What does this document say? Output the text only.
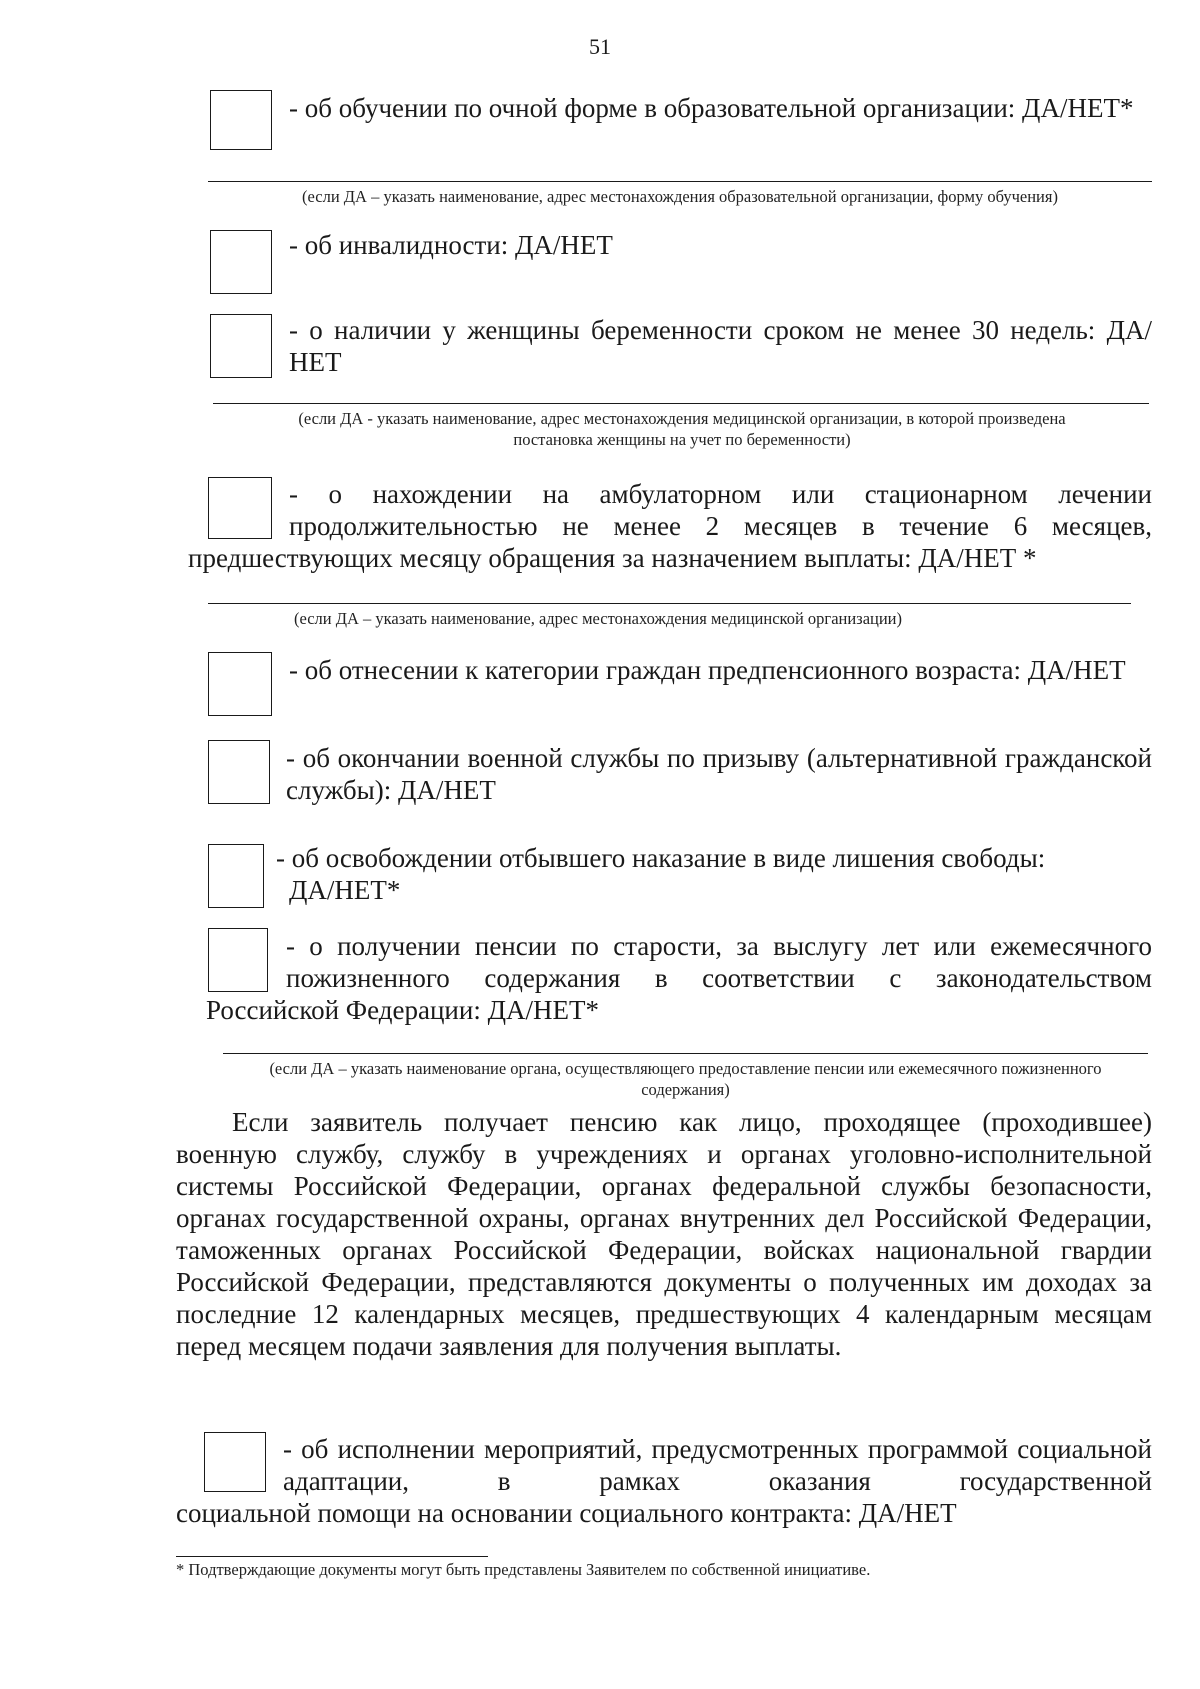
51
- об обучении по очной форме в образовательной организации: ДА/НЕТ*
(если ДА – указать наименование, адрес местонахождения образовательной организации, форму обучения)
- об инвалидности: ДА/НЕТ
- о наличии у женщины беременности сроком не менее 30 недель: ДА/НЕТ
(если ДА - указать наименование, адрес местонахождения медицинской организации, в которой произведена постановка женщины на учет по беременности)
- о нахождении на амбулаторном или стационарном лечении продолжительностью не менее 2 месяцев в течение 6 месяцев,
предшествующих месяцу обращения за назначением выплаты: ДА/НЕТ *
(если ДА – указать наименование, адрес местонахождения медицинской организации)
- об отнесении к категории граждан предпенсионного возраста: ДА/НЕТ
- об окончании военной службы по призыву (альтернативной гражданской службы): ДА/НЕТ
- об освобождении отбывшего наказание в виде лишения свободы:
ДА/НЕТ*
- о получении пенсии по старости, за выслугу лет или ежемесячного пожизненного содержания в соответствии с законодательством
Российской Федерации: ДА/НЕТ*
(если ДА – указать наименование органа, осуществляющего предоставление пенсии или ежемесячного пожизненного содержания)
Если заявитель получает пенсию как лицо, проходящее (проходившее) военную службу, службу в учреждениях и органах уголовно-исполнительной системы Российской Федерации, органах федеральной службы безопасности, органах государственной охраны, органах внутренних дел Российской Федерации, таможенных органах Российской Федерации, войсках национальной гвардии Российской Федерации, представляются документы о полученных им доходах за последние 12 календарных месяцев, предшествующих 4 календарным месяцам перед месяцем подачи заявления для получения выплаты.
- об исполнении мероприятий, предусмотренных программой социальной адаптации, в рамках оказания государственной
социальной помощи на основании социального контракта: ДА/НЕТ
* Подтверждающие документы могут быть представлены Заявителем по собственной инициативе.
